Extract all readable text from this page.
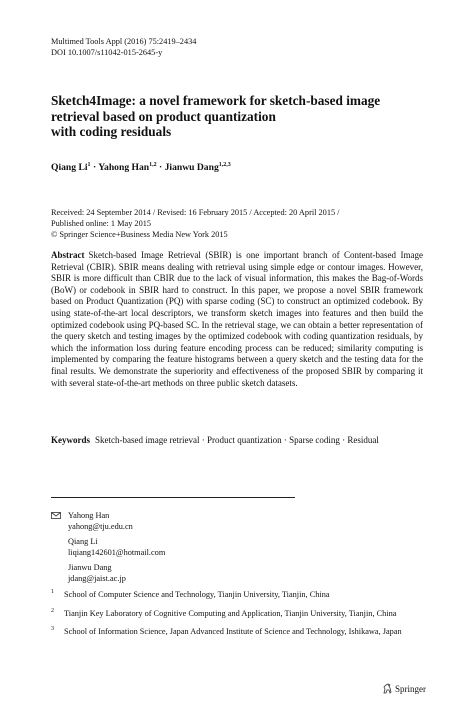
Multimed Tools Appl (2016) 75:2419–2434
DOI 10.1007/s11042-015-2645-y
Sketch4Image: a novel framework for sketch-based image
retrieval based on product quantization
with coding residuals
Qiang $Li^1$ · Yahong Han$^{1,2}$ · Jianwu Dang$^{1,2,3}$
Received: 24 September 2014 / Revised: 16 February 2015 / Accepted: 20 April 2015 /
Published online: 1 May 2015
© Springer Science+Business Media New York 2015
Abstract Sketch-based Image Retrieval (SBIR) is one important branch of Content-based Image Retrieval (CBIR). SBIR means dealing with retrieval using simple edge or contour images. However, SBIR is more difficult than CBIR due to the lack of visual information, this makes the Bag-of-Words (BoW) or codebook in SBIR hard to construct. In this paper, we propose a novel SBIR framework based on Product Quantization (PQ) with sparse coding (SC) to construct an optimized codebook. By using state-of-the-art local descriptors, we transform sketch images into features and then build the optimized codebook using PQ-based SC. In the retrieval stage, we can obtain a better representation of the query sketch and testing images by the optimized codebook with coding quantization residuals, by which the information loss during feature encoding process can be reduced; similarity computing is implemented by comparing the feature histograms between a query sketch and the testing data for the final results. We demonstrate the superiority and effectiveness of the proposed SBIR by comparing it with several state-of-the-art methods on three public sketch datasets.
Keywords Sketch-based image retrieval · Product quantization · Sparse coding · Residual
Yahong Han
yahong@tju.edu.cn
Qiang Li
liqiang142601@hotmail.com
Jianwu Dang
jdang@jaist.ac.jp
1 School of Computer Science and Technology, Tianjin University, Tianjin, China
2 Tianjin Key Laboratory of Cognitive Computing and Application, Tianjin University, Tianjin, China
3 School of Information Science, Japan Advanced Institute of Science and Technology, Ishikawa, Japan
Springer
